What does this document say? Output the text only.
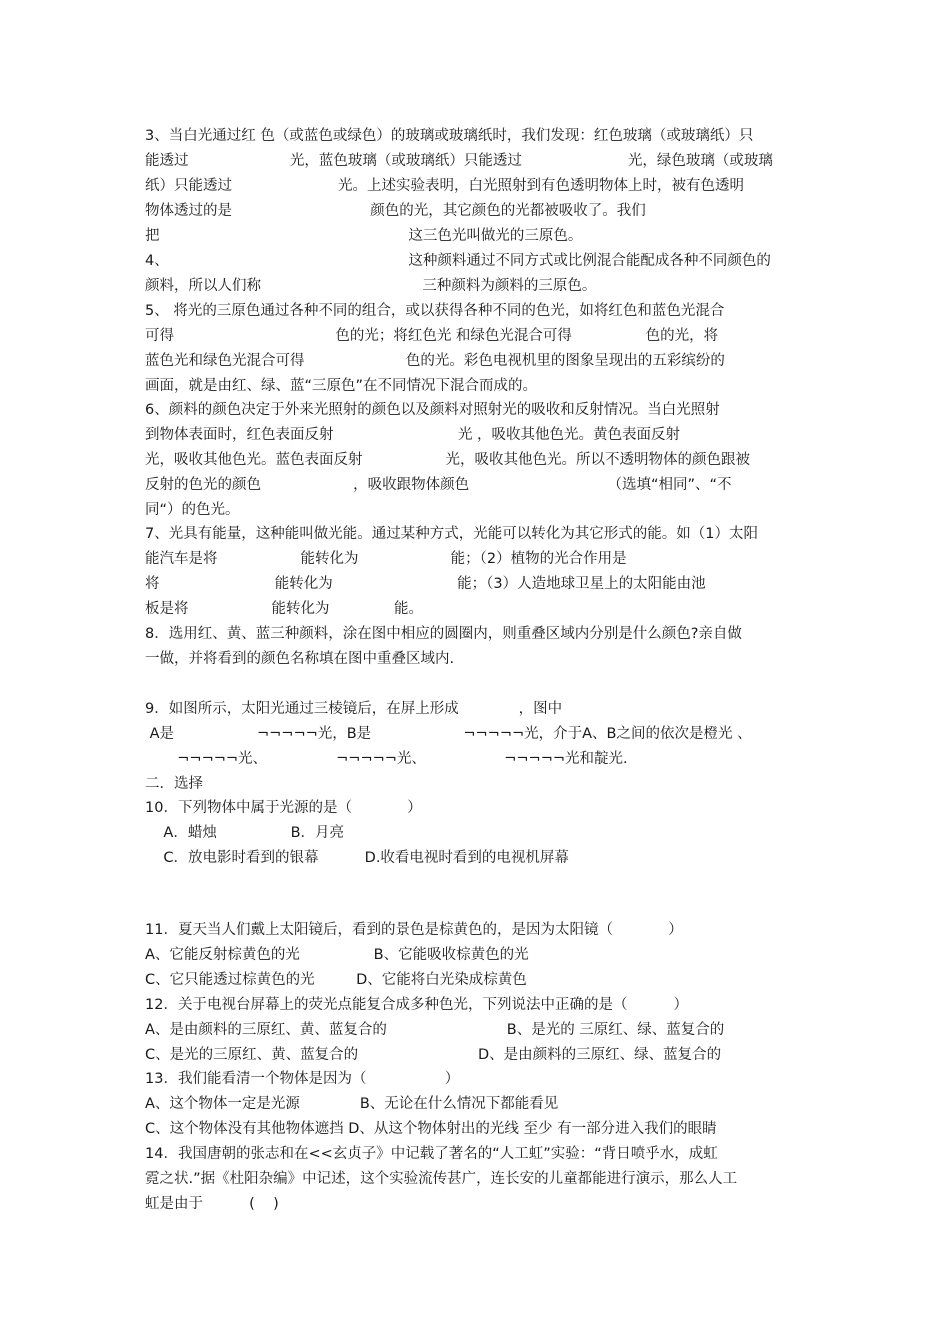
3、当白光通过红 色（或蓝色或绿色）的玻璃或玻璃纸时，我们发现：红色玻璃（或玻璃纸）只

能透过                      光，蓝色玻璃（或玻璃纸）只能透过                       光，绿色玻璃（或玻璃

纸）只能透过                       光。上述实验表明，白光照射到有色透明物体上时，被有色透明

物体透过的是                              颜色的光，其它颜色的光都被吸收了。我们

把                                                      这三色光叫做光的三原色。

4、                                                    这种颜料通过不同方式或比例混合能配成各种不同颜色的

颜料，所以人们称                                   三种颜料为颜料的三原色。

5、 将光的三原色通过各种不同的组合，或以获得各种不同的色光，如将红色和蓝色光混合

可得                                   色的光；将红色光 和绿色光混合可得                色的光，将

蓝色光和绿色光混合可得                      色的光。彩色电视机里的图象呈现出的五彩缤纷的

画面，就是由红、绿、蓝“三原色”在不同情况下混合而成的。

6、颜料的颜色决定于外来光照射的颜色以及颜料对照射光的吸收和反射情况。当白光照射

到物体表面时，红色表面反射                           光 ，吸收其他色光。黄色表面反射

光，吸收其他色光。蓝色表面反射                  光，吸收其他色光。所以不透明物体的颜色跟被

反射的色光的颜色                    ，吸收跟物体颜色                              （选填“相同”、“不

同“）的色光。

7、光具有能量，这种能叫做光能。通过某种方式，光能可以转化为其它形式的能。如（1）太阳

能汽车是将                  能转化为                    能；（2）植物的光合作用是

将                         能转化为                           能；（3）人造地球卫星上的太阳能由池

板是将                  能转化为              能。

8．选用红、黄、蓝三种颜料，涂在图中相应的圆圈内，则重叠区域内分别是什么颜色?亲自做

一做，并将看到的颜色名称填在图中重叠区域内.

9．如图所示，太阳光通过三棱镜后，在屏上形成             ，图中

A是                  ¬¬¬¬¬光，B是                    ¬¬¬¬¬光，介于A、B之间的依次是橙光 、

¬¬¬¬¬光、               ¬¬¬¬¬光、                 ¬¬¬¬¬光和靛光.

二．选择

10．下列物体中属于光源的是（            ）

A．蜡烛                B．月亮

C．放电影时看到的银幕          D.收看电视时看到的电视机屏幕

11．夏天当人们戴上太阳镜后，看到的景色是棕黄色的，是因为太阳镜（            ）

A、它能反射棕黄色的光                B、它能吸收棕黄色的光

C、它只能透过棕黄色的光         D、它能将白光染成棕黄色

12．关于电视台屏幕上的荧光点能复合成多种色光，下列说法中正确的是（          ）

A、是由颜料的三原红、黄、蓝复合的                          B、是光的 三原红、绿、蓝复合的

C、是光的三原红、黄、蓝复合的                          D、是由颜料的三原红、绿、蓝复合的

13．我们能看清一个物体是因为（                 ）

A、这个物体一定是光源             B、无论在什么情况下都能看见

C、这个物体没有其他物体遮挡 D、从这个物体射出的光线 至少 有一部分进入我们的眼睛

14．我国唐朝的张志和在<<玄贞子》中记载了著名的“人工虹”实验：“背日喷乎水，成虹

霓之状.”据《杜阳杂编》中记述，这个实验流传甚广，连长安的儿童都能进行演示，那么人工

虹是由于          (    )
